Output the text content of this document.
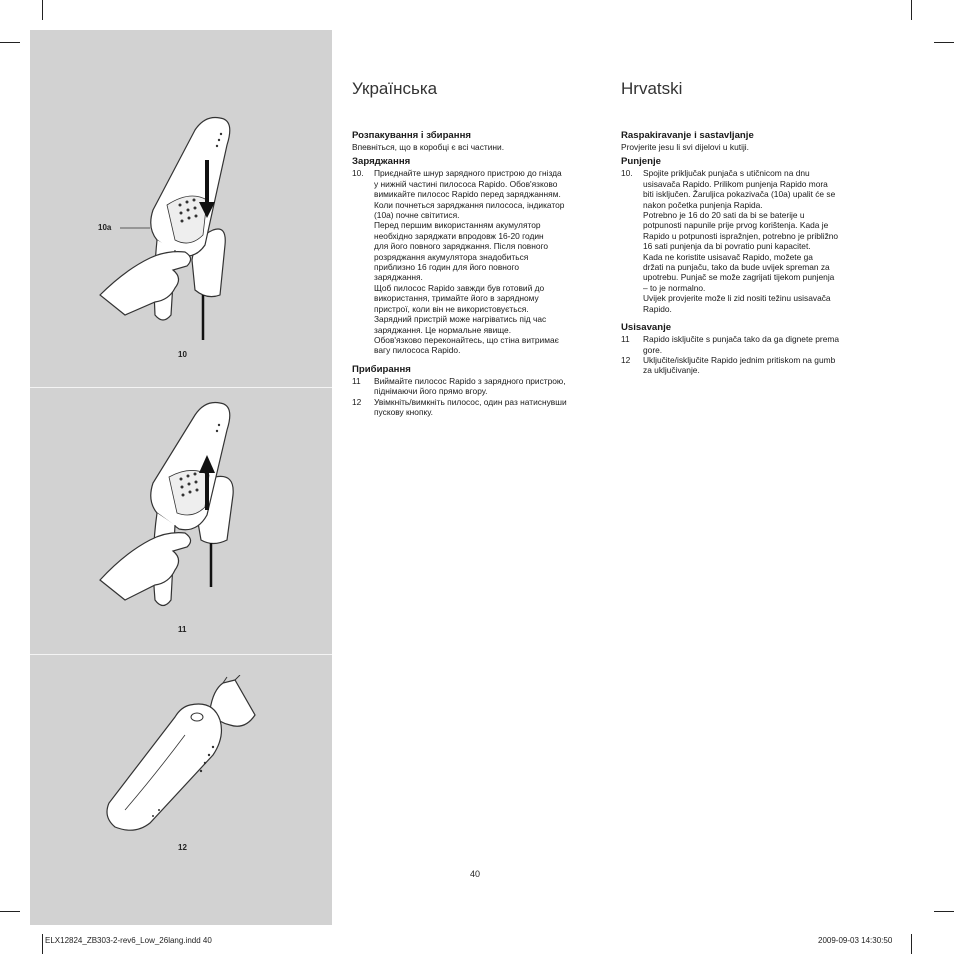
10a
10
11
12
Українська
Розпакування і збирання

Впевніться, що в коробці є всі частини.

Заряджання
10.	Приєднайте шнур зарядного пристрою до гнізда
у нижній частині пилососа Rapido. Обов'язково
вимикайте пилосос Rapido перед заряджанням.
Коли почнеться заряджання пилососа, індикатор
(10a) почне світитися.
Перед першим використанням акумулятор
необхідно заряджати впродовж 16-20 годин
для його повного заряджання. Після повного
розряджання акумулятора знадобиться
приблизно 16 годин для його повного
заряджання.
Щоб пилосос Rapido завжди був готовий до
використання, тримайте його в зарядному
пристрої, коли він не використовується.
Зарядний пристрій може нагріватись під час
заряджання. Це нормальне явище.
Обов'язково переконайтесь, що стіна витримає
вагу пилососа Rapido.
Прибирання
11	Виймайте пилосос Rapido з зарядного пристрою,
піднімаючи його прямо вгору.
12	Увімкніть/вимкніть пилосос, один раз натиснувши
пускову кнопку.
Hrvatski
Raspakiravanje i sastavljanje

Provjerite jesu li svi dijelovi u kutiji.

Punjenje
10.	Spojite priključak punjača s utičnicom na dnu
usisavača Rapido. Prilikom punjenja Rapido mora
biti isključen. Žaruljica pokazivača (10a) upalit će se
nakon početka punjenja Rapida.
Potrebno je 16 do 20 sati da bi se baterije u
potpunosti napunile prije prvog korištenja. Kada je
Rapido u potpunosti ispražnjen, potrebno je približno
16 sati punjenja da bi povratio puni kapacitet.
Kada ne koristite usisavač Rapido, možete ga
držati na punjaču, tako da bude uvijek spreman za
upotrebu. Punjač se može zagrijati tijekom punjenja
– to je normalno.
Uvijek provjerite može li zid nositi težinu usisavača
Rapido.
Usisavanje
11	Rapido isključite s punjača tako da ga dignete prema
gore.
12	Uključite/isključite Rapido jednim pritiskom na gumb
za uključivanje.
40
ELX12824_ZB303-2-rev6_Low_26lang.indd 40	2009-09-03 14:30:50
